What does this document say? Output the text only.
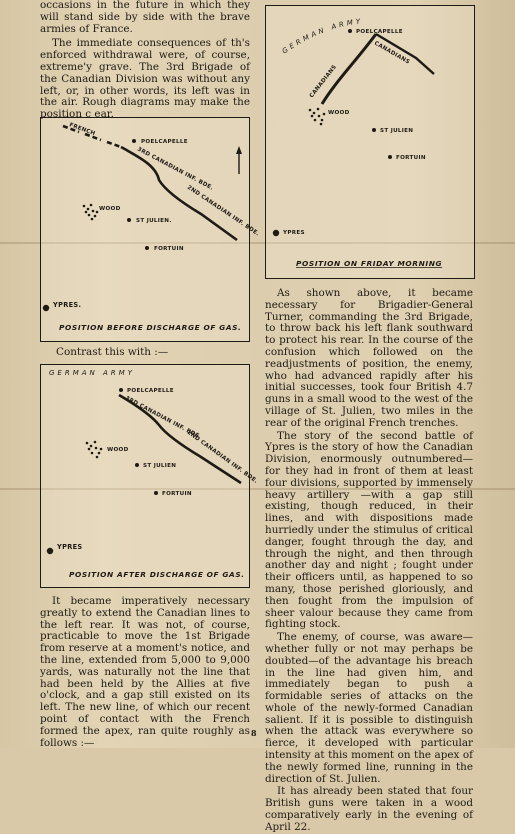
occasions in the future in which they will stand side by side with the brave armies of France.

The immediate consequences of th's enforced withdrawal were, of course, extreme'y grave. The 3rd Brigade of the Canadian Division was without any left, or, in other words, its left was in the air. Rough diagrams may make the position c ear.

FRENCH
3RD CANADIAN INF. BDE.
2ND CANADIAN INF. BDE.
POELCAPELLE
WOOD
ST JULIEN.
FORTUIN
YPRES.
POSITION BEFORE DISCHARGE OF GAS.

Contrast this with :—

GERMAN ARMY
POELCAPELLE
3RD CANADIAN INF. BDE.
2ND CANADIAN INF. BDE.
WOOD
ST JULIEN
FORTUIN
YPRES
POSITION AFTER DISCHARGE OF GAS.

It became imperatively necessary greatly to extend the Canadian lines to the left rear. It was not, of course, practicable to move the 1st Brigade from reserve at a moment's notice, and the line, extended from 5,000 to 9,000 yards, was naturally not the line that had been held by the Allies at five o'clock, and a gap still existed on its left. The new line, of which our recent point of contact with the French formed the apex, ran quite roughly as follows :—

GERMAN ARMY
POELCAPELLE
CANADIANS
CANADIANS
WOOD
ST JULIEN
FORTUIN
YPRES
POSITION ON FRIDAY MORNING

As shown above, it became necessary for Brigadier-General Turner, commanding the 3rd Brigade, to throw back his left flank southward to protect his rear. In the course of the confusion which followed on the readjustments of position, the enemy, who had advanced rapidly after his initial successes, took four British 4.7 guns in a small wood to the west of the village of St. Julien, two miles in the rear of the original French trenches.

The story of the second battle of Ypres is the story of how the Canadian Division, enormously outnumbered—for they had in front of them at least four divisions, supported by immensely heavy artillery —with a gap still existing, though reduced, in their lines, and with dispositions made hurriedly under the stimulus of critical danger, fought through the day, and through the night, and then through another day and night ; fought under their officers until, as happened to so many, those perished gloriously, and then fought from the impulsion of sheer valour because they came from fighting stock.

The enemy, of course, was aware—whether fully or not may perhaps be doubted—of the advantage his breach in the line had given him, and immediately began to push a formidable series of attacks on the whole of the newly-formed Canadian salient. If it is possible to distinguish when the attack was everywhere so fierce, it developed with particular intensity at this moment on the apex of the newly formed line, running in the direction of St. Julien.

It has already been stated that four British guns were taken in a wood comparatively early in the evening of April 22.

8
